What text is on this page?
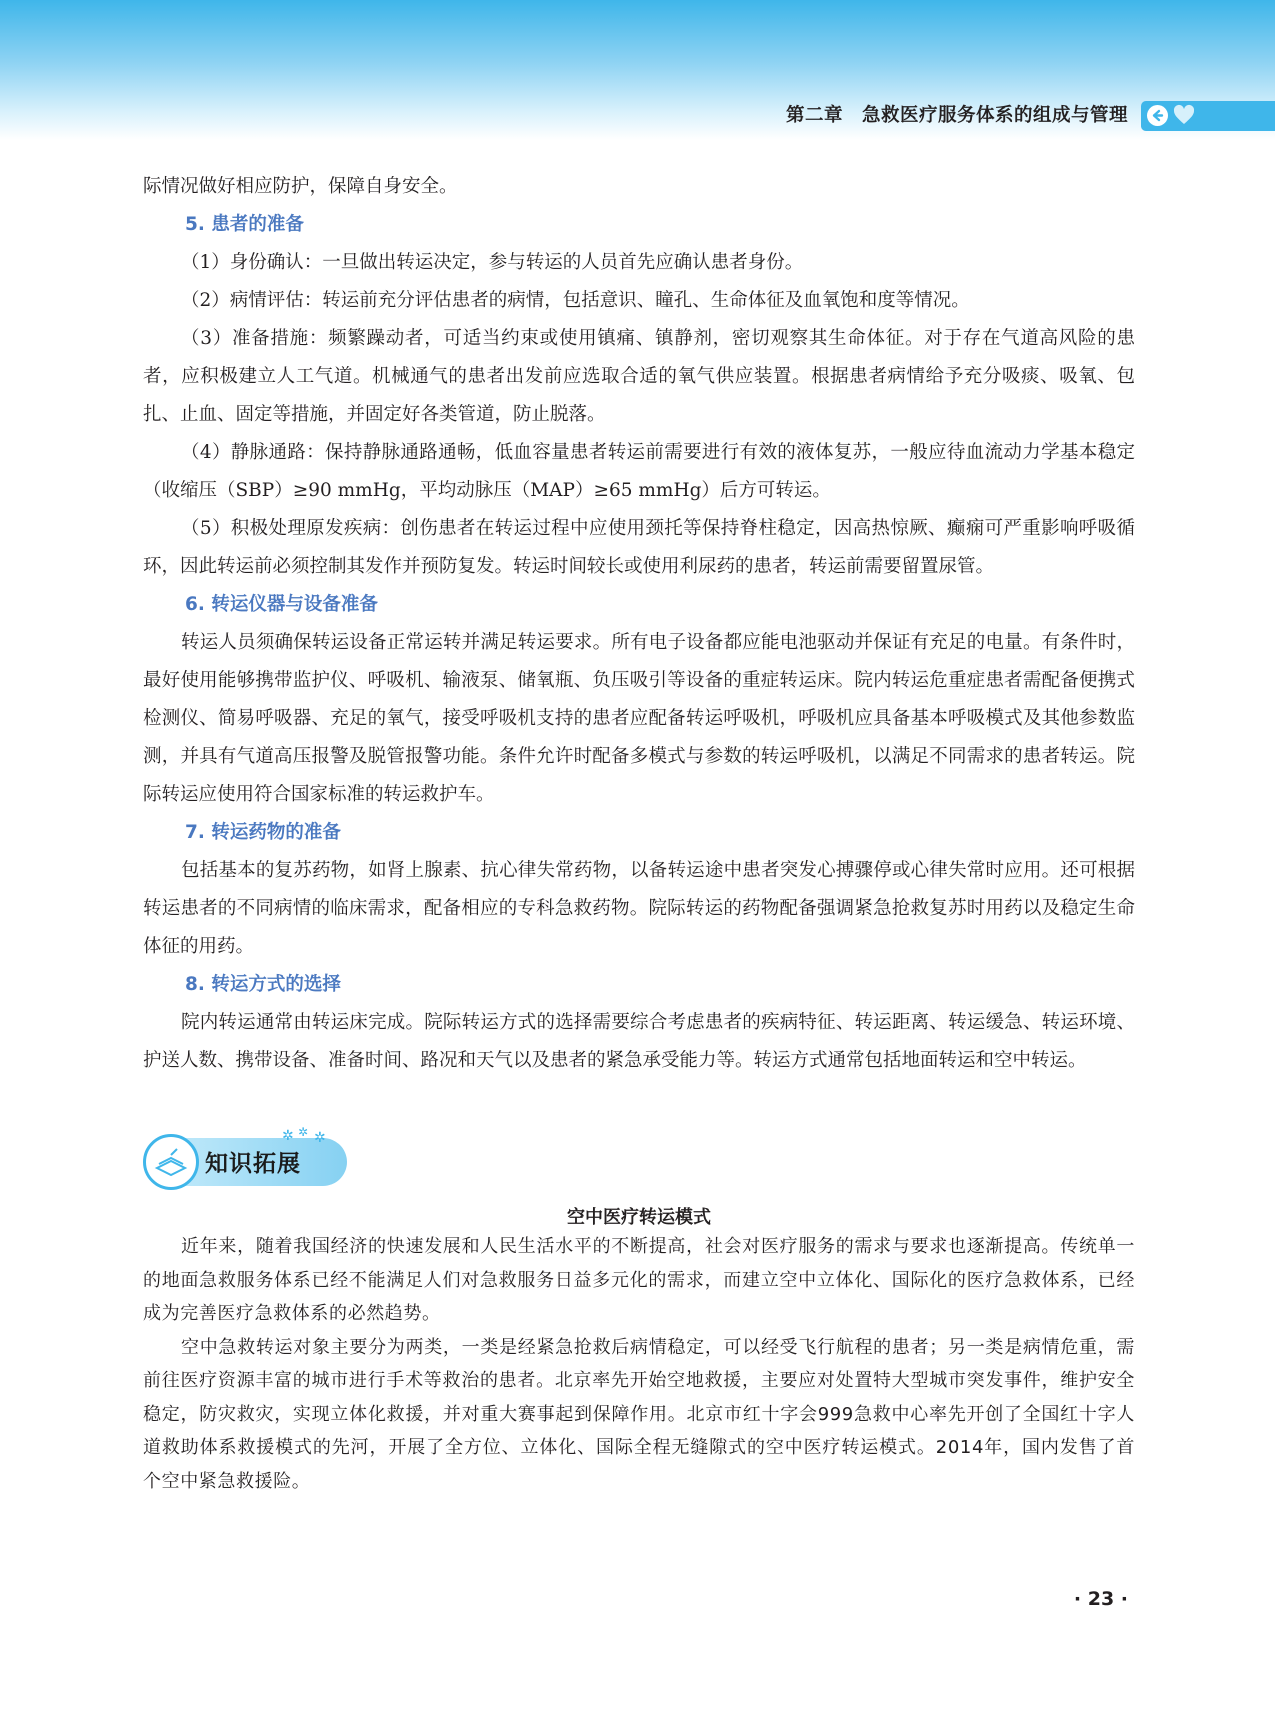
第二章　急救医疗服务体系的组成与管理

际情况做好相应防护，保障自身安全。

5. 患者的准备

（1）身份确认：一旦做出转运决定，参与转运的人员首先应确认患者身份。

（2）病情评估：转运前充分评估患者的病情，包括意识、瞳孔、生命体征及血氧饱和度等情况。

（3）准备措施：频繁躁动者，可适当约束或使用镇痛、镇静剂，密切观察其生命体征。对于存在气道高风险的患者，应积极建立人工气道。机械通气的患者出发前应选取合适的氧气供应装置。根据患者病情给予充分吸痰、吸氧、包扎、止血、固定等措施，并固定好各类管道，防止脱落。

（4）静脉通路：保持静脉通路通畅，低血容量患者转运前需要进行有效的液体复苏，一般应待血流动力学基本稳定（收缩压（SBP）≥90 mmHg，平均动脉压（MAP）≥65 mmHg）后方可转运。

（5）积极处理原发疾病：创伤患者在转运过程中应使用颈托等保持脊柱稳定，因高热惊厥、癫痫可严重影响呼吸循环，因此转运前必须控制其发作并预防复发。转运时间较长或使用利尿药的患者，转运前需要留置尿管。

6. 转运仪器与设备准备

转运人员须确保转运设备正常运转并满足转运要求。所有电子设备都应能电池驱动并保证有充足的电量。有条件时，最好使用能够携带监护仪、呼吸机、输液泵、储氧瓶、负压吸引等设备的重症转运床。院内转运危重症患者需配备便携式检测仪、简易呼吸器、充足的氧气，接受呼吸机支持的患者应配备转运呼吸机，呼吸机应具备基本呼吸模式及其他参数监测，并具有气道高压报警及脱管报警功能。条件允许时配备多模式与参数的转运呼吸机，以满足不同需求的患者转运。院际转运应使用符合国家标准的转运救护车。

7. 转运药物的准备

包括基本的复苏药物，如肾上腺素、抗心律失常药物，以备转运途中患者突发心搏骤停或心律失常时应用。还可根据转运患者的不同病情的临床需求，配备相应的专科急救药物。院际转运的药物配备强调紧急抢救复苏时用药以及稳定生命体征的用药。

8. 转运方式的选择

院内转运通常由转运床完成。院际转运方式的选择需要综合考虑患者的疾病特征、转运距离、转运缓急、转运环境、护送人数、携带设备、准备时间、路况和天气以及患者的紧急承受能力等。转运方式通常包括地面转运和空中转运。

知识拓展
✲ ✲ ✲
空中医疗转运模式

近年来，随着我国经济的快速发展和人民生活水平的不断提高，社会对医疗服务的需求与要求也逐渐提高。传统单一的地面急救服务体系已经不能满足人们对急救服务日益多元化的需求，而建立空中立体化、国际化的医疗急救体系，已经成为完善医疗急救体系的必然趋势。

空中急救转运对象主要分为两类，一类是经紧急抢救后病情稳定，可以经受飞行航程的患者；另一类是病情危重，需前往医疗资源丰富的城市进行手术等救治的患者。北京率先开始空地救援，主要应对处置特大型城市突发事件，维护安全稳定，防灾救灾，实现立体化救援，并对重大赛事起到保障作用。北京市红十字会999急救中心率先开创了全国红十字人道救助体系救援模式的先河，开展了全方位、立体化、国际全程无缝隙式的空中医疗转运模式。2014年，国内发售了首个空中紧急救援险。

· 23 ·
